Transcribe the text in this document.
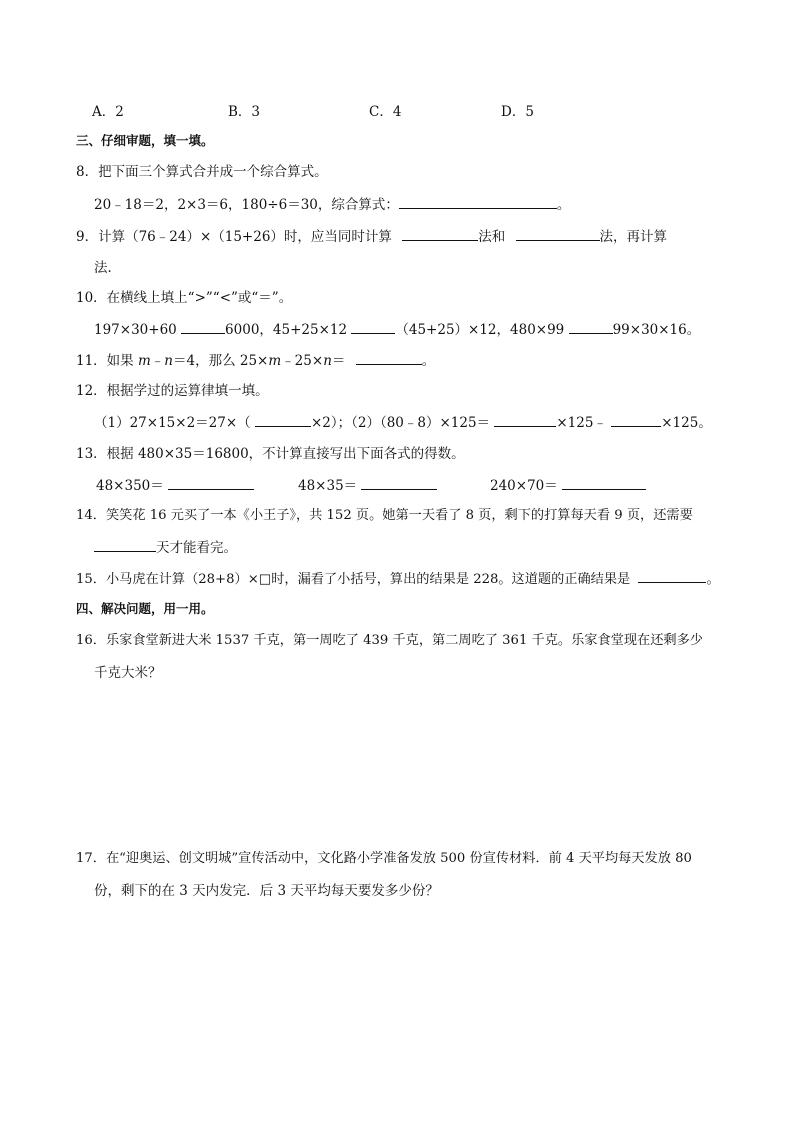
A．2	B．3	C．4	D．5
三、仔细审题，填一填。
8．把下面三个算式合并成一个综合算式。
20﹣18＝2，2×3＝6，180÷6＝30，综合算式：	。
9．计算（76﹣24）×（15+26）时，应当同时计算	法和	法，再计算
法．
10．在横线上填上“>”“<”或“＝”。
197×30+60	6000，45+25×12	（45+25）×12，480×99	99×30×16。
11．如果 m﹣n＝4，那么 25×m﹣25×n＝	。
12．根据学过的运算律填一填。
（1）27×15×2＝27×（	×2）；（2）（80﹣8）×125＝	×125﹣	×125。
13．根据 480×35＝16800，不计算直接写出下面各式的得数。
48×350＝	48×35＝	240×70＝
14．笑笑花 16 元买了一本《小王子》，共 152 页。她第一天看了 8 页，剩下的打算每天看 9 页，还需要
天才能看完。
15．小马虎在计算（28+8）×□时，漏看了小括号，算出的结果是 228。这道题的正确结果是	。
四、解决问题，用一用。
16．乐家食堂新进大米 1537 千克，第一周吃了 439 千克，第二周吃了 361 千克。乐家食堂现在还剩多少
千克大米？
17．在“迎奥运、创文明城”宣传活动中，文化路小学准备发放 500 份宣传材料．前 4 天平均每天发放 80
份，剩下的在 3 天内发完．后 3 天平均每天要发多少份？
